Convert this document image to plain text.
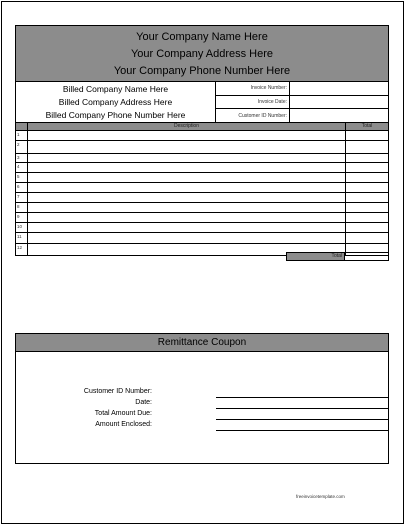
Your Company Name Here
Your Company Address Here
Your Company Phone Number Here
Billed Company Name Here
Billed Company Address Here
Billed Company Phone Number Here
Invoice Number:
Invoice Date:
Customer ID Number:
Description	Total
1
2
3
4
5
6
7
8
9
10
11
12
Total
Remittance Coupon
Customer ID Number:
Date:
Total Amount Due:
Amount Enclosed:
freeinvoicetemplate.com
